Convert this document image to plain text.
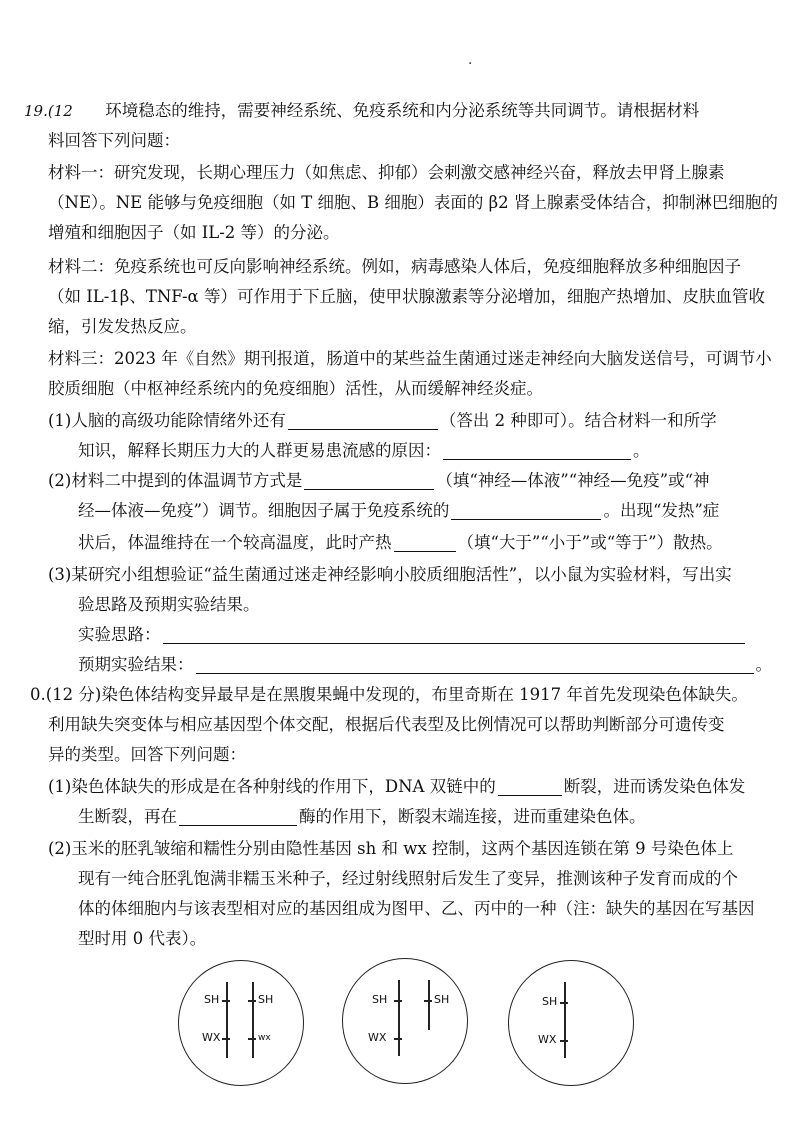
·
19.(12 环境稳态的维持，需要神经系统、免疫系统和内分泌系统等共同调节。请根据材料
料回答下列问题：
材料一：研究发现，长期心理压力（如焦虑、抑郁）会刺激交感神经兴奋，释放去甲肾上腺素
（NE）。NE 能够与免疫细胞（如 T 细胞、B 细胞）表面的 β2 肾上腺素受体结合，抑制淋巴细胞的
增殖和细胞因子（如 IL-2 等）的分泌。
材料二：免疫系统也可反向影响神经系统。例如，病毒感染人体后，免疫细胞释放多种细胞因子
（如 IL-1β、TNF-α 等）可作用于下丘脑，使甲状腺激素等分泌增加，细胞产热增加、皮肤血管收
缩，引发发热反应。
材料三：2023 年《自然》期刊报道，肠道中的某些益生菌通过迷走神经向大脑发送信号，可调节小
胶质细胞（中枢神经系统内的免疫细胞）活性，从而缓解神经炎症。
(1)人脑的高级功能除情绪外还有	（答出 2 种即可）。结合材料一和所学
知识，解释长期压力大的人群更易患流感的原因：	。
(2)材料二中提到的体温调节方式是	（填“神经—体液”“神经—免疫”或“神
经—体液—免疫”）调节。细胞因子属于免疫系统的	。出现“发热”症
状后，体温维持在一个较高温度，此时产热	（填“大于”“小于”或“等于”）散热。
(3)某研究小组想验证“益生菌通过迷走神经影响小胶质细胞活性”，以小鼠为实验材料，写出实
验思路及预期实验结果。
实验思路：
预期实验结果：	。
0.(12 分)染色体结构变异最早是在黑腹果蝇中发现的，布里奇斯在 1917 年首先发现染色体缺失。
利用缺失突变体与相应基因型个体交配，根据后代表型及比例情况可以帮助判断部分可遗传变
异的类型。回答下列问题：
(1)染色体缺失的形成是在各种射线的作用下，DNA 双链中的	断裂，进而诱发染色体发
生断裂，再在	酶的作用下，断裂末端连接，进而重建染色体。
(2)玉米的胚乳皱缩和糯性分别由隐性基因 sh 和 wx 控制，这两个基因连锁在第 9 号染色体上
现有一纯合胚乳饱满非糯玉米种子，经过射线照射后发生了变异，推测该种子发育而成的个
体的体细胞内与该表型相对应的基因组成为图甲、乙、丙中的一种（注：缺失的基因在写基因
型时用 0 代表）。
SH	SH
WX	wx
SH	SH
WX
SH
WX
